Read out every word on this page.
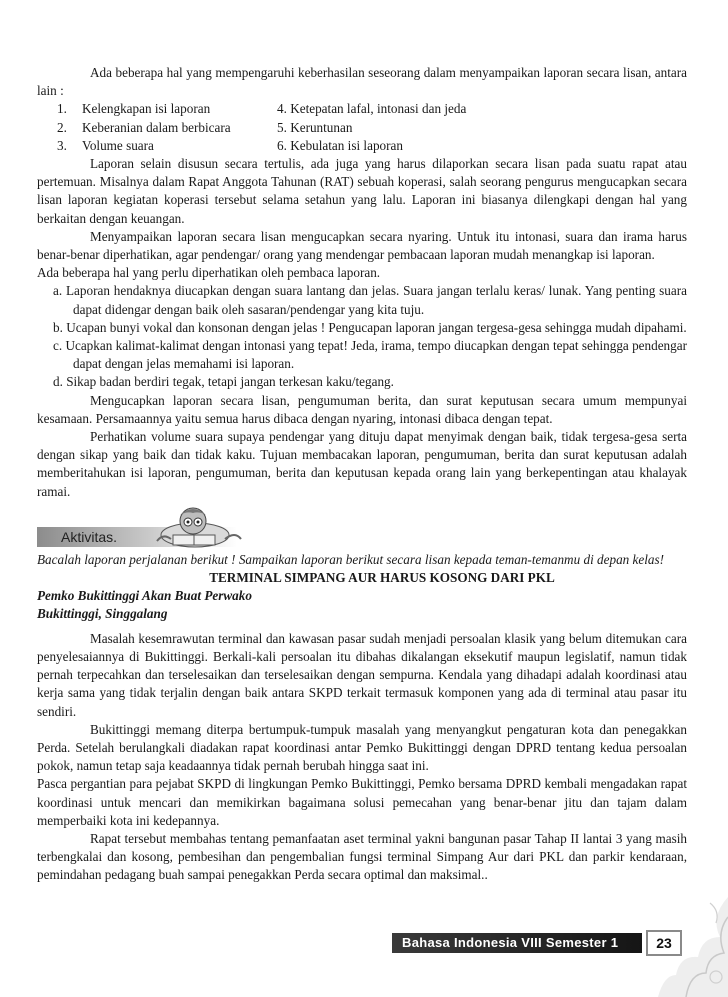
Ada beberapa hal yang mempengaruhi keberhasilan seseorang dalam menyampaikan laporan secara lisan, antara lain :

1.	Kelengkapan isi laporan	4. Ketepatan lafal, intonasi dan jeda
2.	Keberanian dalam berbicara	5. Keruntunan
3.	Volume suara	6. Kebulatan isi laporan

Laporan selain disusun secara tertulis, ada juga yang harus dilaporkan secara lisan pada suatu rapat atau pertemuan. Misalnya dalam Rapat Anggota Tahunan (RAT) sebuah koperasi, salah seorang pengurus mengucapkan secara lisan laporan kegiatan koperasi tersebut selama setahun yang lalu. Laporan ini biasanya dilengkapi dengan hal yang berkaitan dengan keuangan.

Menyampaikan laporan secara lisan mengucapkan secara nyaring. Untuk itu intonasi, suara dan irama harus benar-benar diperhatikan, agar pendengar/ orang yang mendengar pembacaan laporan mudah menangkap isi laporan.

Ada beberapa hal yang perlu diperhatikan oleh pembaca laporan.

a. Laporan hendaknya diucapkan dengan suara lantang dan jelas. Suara jangan terlalu keras/ lunak. Yang penting suara dapat didengar dengan baik oleh sasaran/pendengar yang kita tuju.

b. Ucapan bunyi vokal dan konsonan dengan jelas ! Pengucapan laporan jangan tergesa-gesa sehingga mudah dipahami.

c. Ucapkan kalimat-kalimat dengan intonasi yang tepat! Jeda, irama, tempo diucapkan dengan tepat sehingga pendengar dapat dengan jelas memahami isi laporan.

d. Sikap badan berdiri tegak, tetapi jangan terkesan kaku/tegang.

Mengucapkan laporan secara lisan, pengumuman berita, dan surat keputusan secara umum mempunyai kesamaan. Persamaannya yaitu semua harus dibaca dengan nyaring, intonasi dibaca dengan tepat.

Perhatikan volume suara supaya pendengar yang dituju dapat menyimak dengan baik, tidak tergesa-gesa serta dengan sikap yang baik dan tidak kaku. Tujuan membacakan laporan, pengumuman, berita dan surat keputusan adalah memberitahukan isi laporan, pengumuman, berita dan keputusan kepada orang lain yang berkepentingan atau khalayak ramai.

Aktivitas.

Bacalah laporan perjalanan berikut ! Sampaikan laporan berikut secara lisan kepada teman-temanmu di depan kelas!

TERMINAL SIMPANG AUR HARUS KOSONG DARI PKL

Pemko Bukittinggi Akan Buat Perwako

Bukittinggi, Singgalang

Masalah kesemrawutan terminal dan kawasan pasar sudah menjadi persoalan klasik yang belum ditemukan cara penyelesaiannya di Bukittinggi. Berkali-kali persoalan itu dibahas dikalangan eksekutif maupun legislatif, namun tidak pernah terpecahkan dan terselesaikan dan terselesaikan dengan sempurna. Kendala yang dihadapi adalah koordinasi atau kerja sama yang tidak terjalin dengan baik antara SKPD terkait termasuk komponen yang ada di terminal atau pasar itu sendiri.

Bukittinggi memang diterpa bertumpuk-tumpuk masalah yang menyangkut pengaturan kota dan penegakkan Perda. Setelah berulangkali diadakan rapat koordinasi antar Pemko Bukittinggi dengan DPRD tentang kedua persoalan pokok, namun tetap saja keadaannya tidak pernah berubah hingga saat ini.

Pasca pergantian para pejabat SKPD di lingkungan Pemko Bukittinggi, Pemko bersama DPRD kembali mengadakan rapat koordinasi untuk mencari dan memikirkan bagaimana solusi pemecahan yang benar-benar jitu dan tajam dalam memperbaiki kota ini kedepannya.

Rapat tersebut membahas tentang pemanfaatan aset terminal yakni bangunan pasar Tahap II lantai 3 yang masih terbengkalai dan kosong, pembesihan dan pengembalian fungsi terminal Simpang Aur dari PKL dan parkir kendaraan, pemindahan pedagang buah sampai penegakkan Perda secara optimal dan maksimal..

Bahasa Indonesia VIII Semester 1	23
